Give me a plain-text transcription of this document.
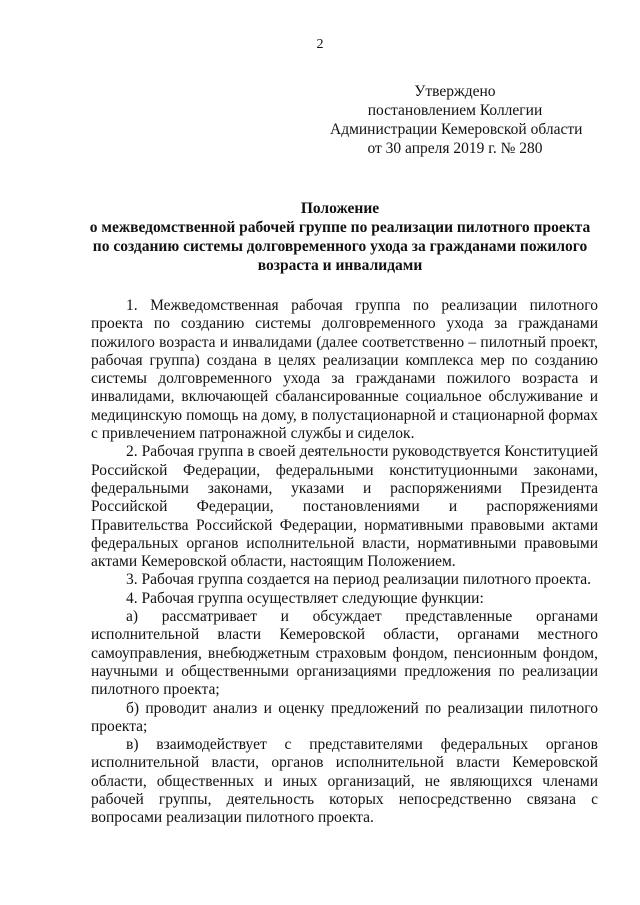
2
Утверждено
постановлением Коллегии
Администрации Кемеровской области
от 30 апреля 2019 г. № 280
Положение
о межведомственной рабочей группе по реализации пилотного проекта
по созданию системы долговременного ухода за гражданами пожилого
возраста и инвалидами

1. Межведомственная рабочая группа по реализации пилотного проекта по созданию системы долговременного ухода за гражданами пожилого возраста и инвалидами (далее соответственно – пилотный проект, рабочая группа) создана в целях реализации комплекса мер по созданию системы долговременного ухода за гражданами пожилого возраста и инвалидами, включающей сбалансированные социальное обслуживание и медицинскую помощь на дому, в полустационарной и стационарной формах с привлечением патронажной службы и сиделок.

2. Рабочая группа в своей деятельности руководствуется Конституцией Российской Федерации, федеральными конституционными законами, федеральными законами, указами и распоряжениями Президента Российской Федерации, постановлениями и распоряжениями Правительства Российской Федерации, нормативными правовыми актами федеральных органов исполнительной власти, нормативными правовыми актами Кемеровской области, настоящим Положением.

3. Рабочая группа создается на период реализации пилотного проекта.

4. Рабочая группа осуществляет следующие функции:

а) рассматривает и обсуждает представленные органами исполнительной власти Кемеровской области, органами местного самоуправления, внебюджетным страховым фондом, пенсионным фондом, научными и общественными организациями предложения по реализации пилотного проекта;

б) проводит анализ и оценку предложений по реализации пилотного проекта;

в) взаимодействует с представителями федеральных органов исполнительной власти, органов исполнительной власти Кемеровской области, общественных и иных организаций, не являющихся членами рабочей группы, деятельность которых непосредственно связана с вопросами реализации пилотного проекта.
